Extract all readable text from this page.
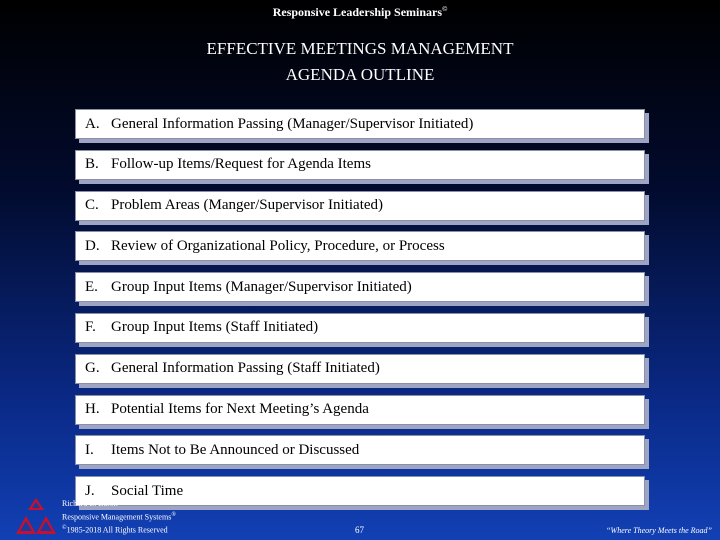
Responsive Leadership Seminars©
EFFECTIVE MEETINGS MANAGEMENT
AGENDA OUTLINE
A. General Information Passing (Manager/Supervisor Initiated)
B. Follow-up Items/Request for Agenda Items
C. Problem Areas (Manger/Supervisor Initiated)
D. Review of Organizational Policy, Procedure, or Process
E. Group Input Items (Manager/Supervisor Initiated)
F.	Group Input Items (Staff Initiated)
G. General Information Passing (Staff Initiated)
H. Potential Items for Next Meeting’s Agenda
I.	Items Not to Be Announced or Discussed
J.	Social Time
Richard L. Baron
Responsive Management Systems®
©1985-2018 All Rights Reserved	67	“Where Theory Meets the Road”
